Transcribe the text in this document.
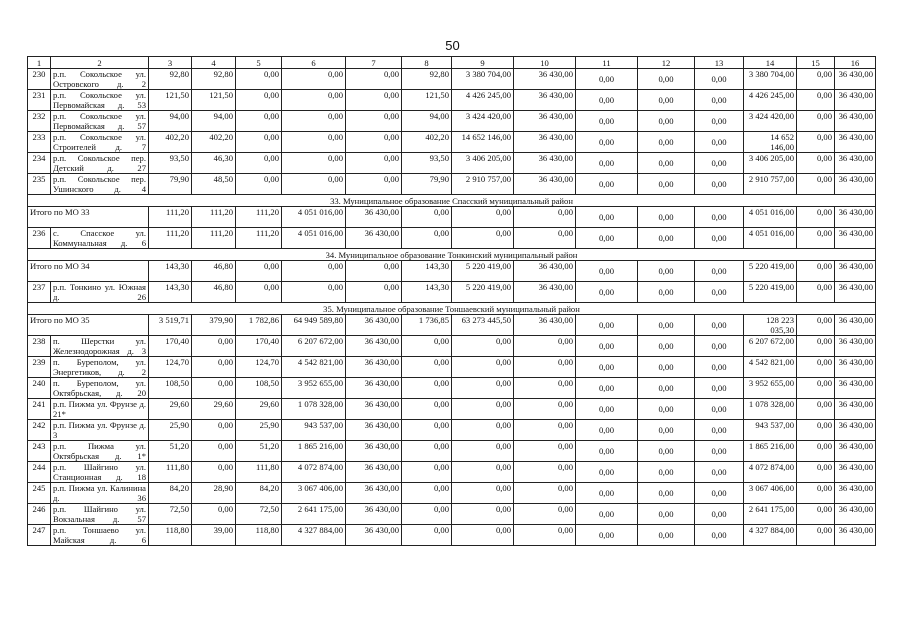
50
1	2	3	4	5	6	7	8	9	10	11	12	13	14	15	16
230	р.п. Сокольское ул. Островского д. 2	92,80	92,80	0,00	0,00	0,00	92,80	3 380 704,00	36 430,00	0,00	0,00	0,00	3 380 704,00	0,00	36 430,00
231	р.п. Сокольское ул. Первомайская д. 53	121,50	121,50	0,00	0,00	0,00	121,50	4 426 245,00	36 430,00	0,00	0,00	0,00	4 426 245,00	0,00	36 430,00
232	р.п. Сокольское ул. Первомайская д. 57	94,00	94,00	0,00	0,00	0,00	94,00	3 424 420,00	36 430,00	0,00	0,00	0,00	3 424 420,00	0,00	36 430,00
233	р.п. Сокольское ул. Строителей д. 7	402,20	402,20	0,00	0,00	0,00	402,20	14 652 146,00	36 430,00	0,00	0,00	0,00	14 652 146,00	0,00	36 430,00
234	р.п. Сокольское пер. Детский д. 27	93,50	46,30	0,00	0,00	0,00	93,50	3 406 205,00	36 430,00	0,00	0,00	0,00	3 406 205,00	0,00	36 430,00
235	р.п. Сокольское пер. Ушинского д. 4	79,90	48,50	0,00	0,00	0,00	79,90	2 910 757,00	36 430,00	0,00	0,00	0,00	2 910 757,00	0,00	36 430,00
33. Муниципальное образование Спасский муниципальный район															
Итого по МО 33		111,20	111,20	111,20	4 051 016,00	36 430,00	0,00	0,00	0,00	0,00	0,00	0,00	4 051 016,00	0,00	36 430,00
236	с. Спасское ул. Коммунальная д. 6	111,20	111,20	111,20	4 051 016,00	36 430,00	0,00	0,00	0,00	0,00	0,00	0,00	4 051 016,00	0,00	36 430,00
34. Муниципальное образование Тонкинский муниципальный район															
Итого по МО 34		143,30	46,80	0,00	0,00	0,00	143,30	5 220 419,00	36 430,00	0,00	0,00	0,00	5 220 419,00	0,00	36 430,00
237	р.п. Тонкино ул. Южная д. 26	143,30	46,80	0,00	0,00	0,00	143,30	5 220 419,00	36 430,00	0,00	0,00	0,00	5 220 419,00	0,00	36 430,00
35. Муниципальное образование Тоншаевский муниципальный район															
Итого по МО 35		3 519,71	379,90	1 782,86	64 949 589,80	36 430,00	1 736,85	63 273 445,50	36 430,00	0,00	0,00	0,00	128 223 035,30	0,00	36 430,00
238	п. Шерстки ул. Железнодорожная д. 3	170,40	0,00	170,40	6 207 672,00	36 430,00	0,00	0,00	0,00	0,00	0,00	0,00	6 207 672,00	0,00	36 430,00
239	п. Буреполом, ул. Энергетиков, д. 2	124,70	0,00	124,70	4 542 821,00	36 430,00	0,00	0,00	0,00	0,00	0,00	0,00	4 542 821,00	0,00	36 430,00
240	п. Буреполом, ул. Октябрьская, д. 20	108,50	0,00	108,50	3 952 655,00	36 430,00	0,00	0,00	0,00	0,00	0,00	0,00	3 952 655,00	0,00	36 430,00
241	р.п. Пижма ул. Фрунзе д. 21*	29,60	29,60	29,60	1 078 328,00	36 430,00	0,00	0,00	0,00	0,00	0,00	0,00	1 078 328,00	0,00	36 430,00
242	р.п. Пижма ул. Фрунзе д. 3	25,90	0,00	25,90	943 537,00	36 430,00	0,00	0,00	0,00	0,00	0,00	0,00	943 537,00	0,00	36 430,00
243	р.п. Пижма ул. Октябрьская д. 1*	51,20	0,00	51,20	1 865 216,00	36 430,00	0,00	0,00	0,00	0,00	0,00	0,00	1 865 216,00	0,00	36 430,00
244	р.п. Шайгино ул. Станционная д. 18	111,80	0,00	111,80	4 072 874,00	36 430,00	0,00	0,00	0,00	0,00	0,00	0,00	4 072 874,00	0,00	36 430,00
245	р.п. Пижма ул. Калинина д. 36	84,20	28,90	84,20	3 067 406,00	36 430,00	0,00	0,00	0,00	0,00	0,00	0,00	3 067 406,00	0,00	36 430,00
246	р.п. Шайгино ул. Вокзальная д. 57	72,50	0,00	72,50	2 641 175,00	36 430,00	0,00	0,00	0,00	0,00	0,00	0,00	2 641 175,00	0,00	36 430,00
247	р.п. Тоншаево ул. Майская д. 6	118,80	39,00	118,80	4 327 884,00	36 430,00	0,00	0,00	0,00	0,00	0,00	0,00	4 327 884,00	0,00	36 430,00
